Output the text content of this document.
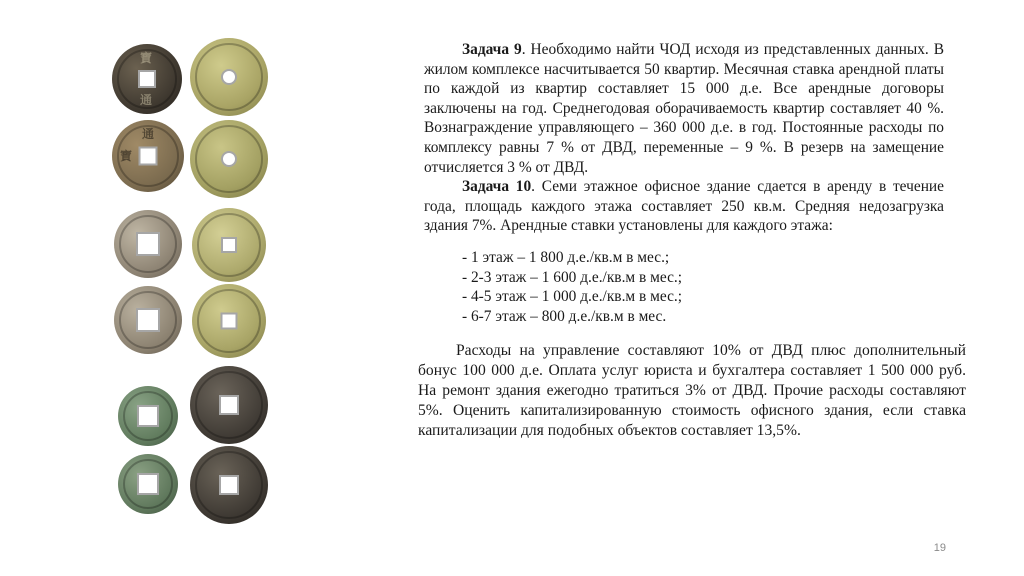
寶
通
通
寶

Задача 9. Необходимо найти ЧОД исходя из представленных данных. В жилом комплексе насчитывается 50 квартир. Месячная ставка арендной платы по каждой из квартир составляет 15 000 д.е. Все арендные договоры заключены на год. Среднегодовая оборачиваемость квартир составляет 40 %. Вознаграждение управляющего – 360 000 д.е. в год. Постоянные расходы по комплексу равны 7 % от ДВД, переменные – 9 %. В резерв на замещение отчисляется 3 % от ДВД.

Задача 10. Семи этажное офисное здание сдается в аренду в течение года, площадь каждого этажа составляет 250 кв.м. Средняя недозагрузка здания 7%. Арендные ставки установлены для каждого этажа:

- 1 этаж – 1 800 д.е./кв.м в мес.;
- 2-3 этаж – 1 600 д.е./кв.м в мес.;
- 4-5 этаж – 1 000 д.е./кв.м в мес.;
- 6-7 этаж – 800 д.е./кв.м в мес.

Расходы на управление составляют 10% от ДВД плюс дополнительный бонус 100 000 д.е. Оплата услуг юриста и бухгалтера составляет 1 500 000 руб. На ремонт здания ежегодно тратиться 3% от ДВД. Прочие расходы составляют 5%. Оценить капитализированную стоимость офисного здания, если ставка капитализации для подобных объектов составляет 13,5%.

19
